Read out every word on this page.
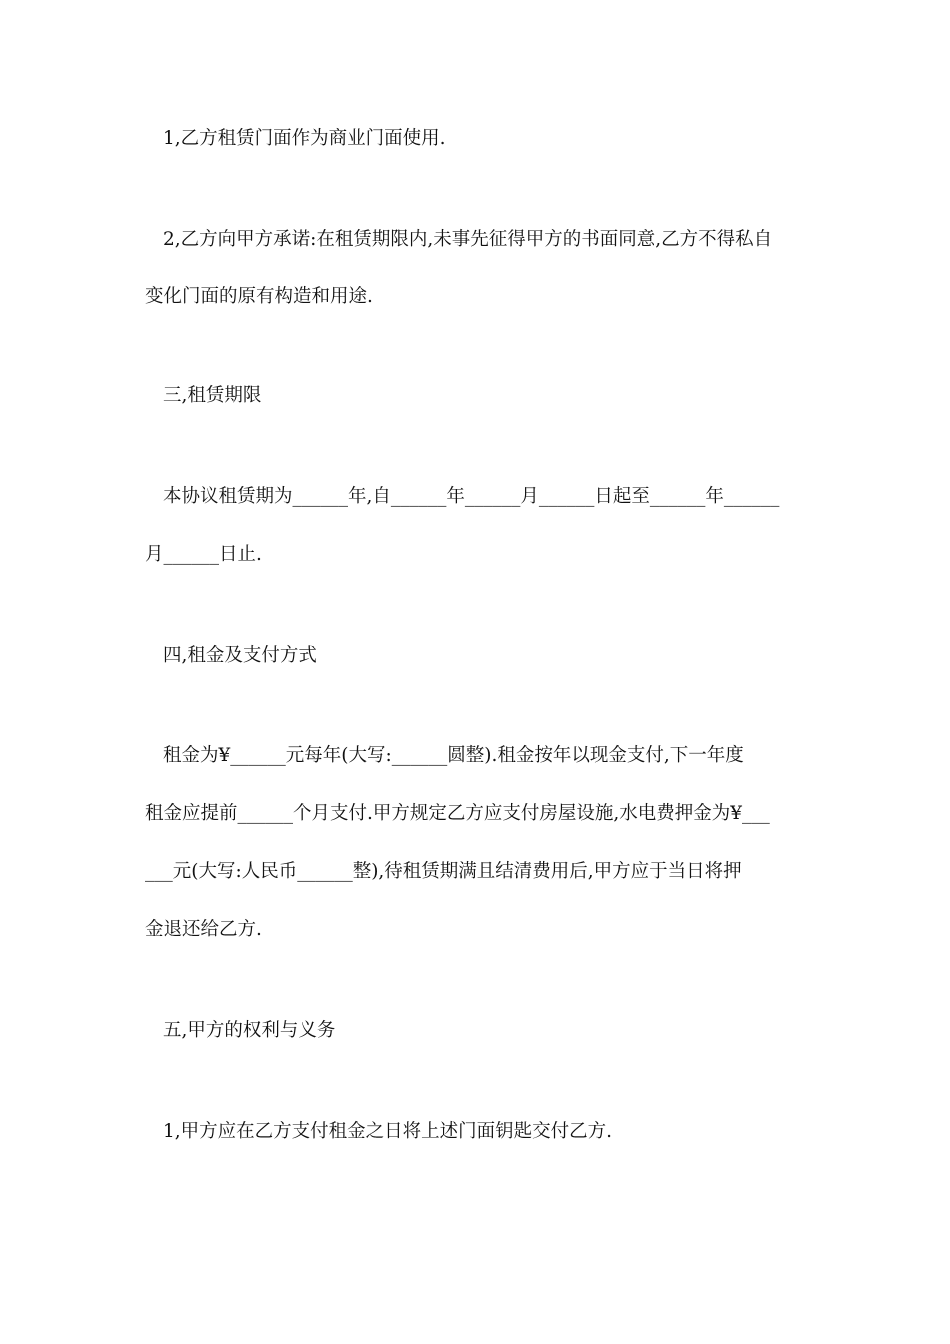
1,乙方租赁门面作为商业门面使用.
2,乙方向甲方承诺:在租赁期限内,未事先征得甲方的书面同意,乙方不得私自
变化门面的原有构造和用途.
三,租赁期限
本协议租赁期为______年,自______年______月______日起至______年______
月______日止.
四,租金及支付方式
租金为¥______元每年(大写:______圆整).租金按年以现金支付,下一年度
租金应提前______个月支付.甲方规定乙方应支付房屋设施,水电费押金为¥___
___元(大写:人民币______整),待租赁期满且结清费用后,甲方应于当日将押
金退还给乙方.
五,甲方的权利与义务
1,甲方应在乙方支付租金之日将上述门面钥匙交付乙方.
